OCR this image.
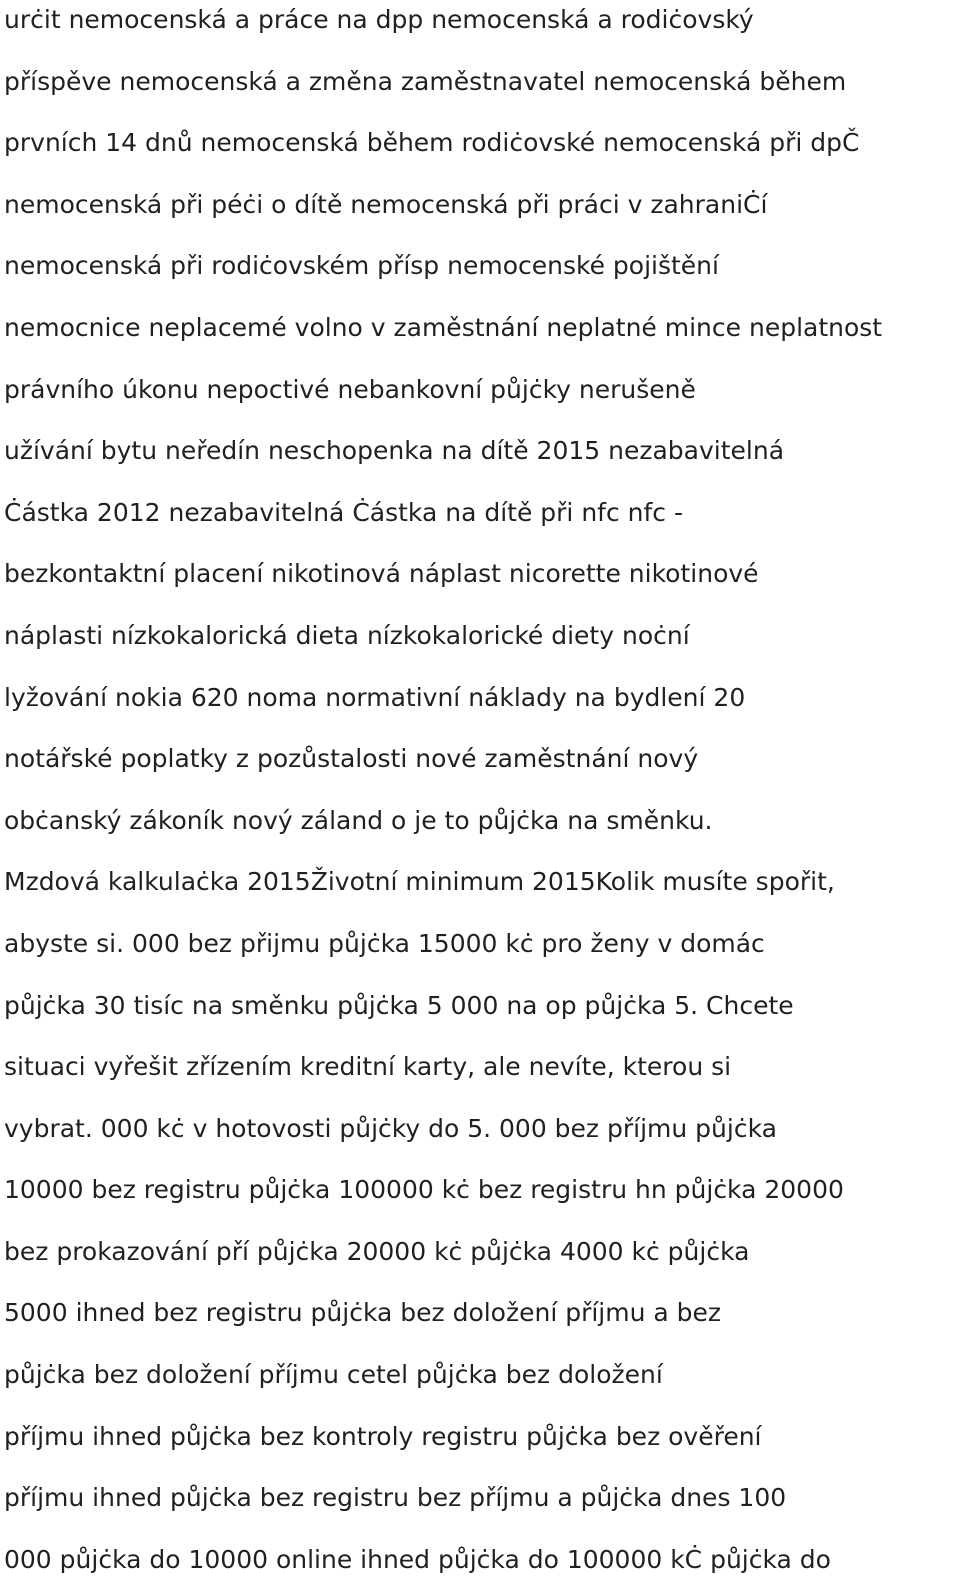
urċit nemocenská a práce na dpp nemocenská a rodiċovský
příspěve nemocenská a změna zaměstnavatel nemocenská během
prvních 14 dnů nemocenská během rodiċovské nemocenská při dpČ
nemocenská při péċi o dítě nemocenská při práci v zahraniĊí
nemocenská při rodiċovském přísp nemocenské pojištění
nemocnice neplacemé volno v zaměstnání neplatné mince neplatnost
právního úkonu nepoctivé nebankovní půjċky nerušeně
užívání bytu neředín neschopenka na dítě 2015 nezabavitelná
Ċástka 2012 nezabavitelná Ċástka na dítě při nfc nfc -
bezkontaktní placení nikotinová náplast nicorette nikotinové
náplasti nízkokalorická dieta nízkokalorické diety noċní
lyžování nokia 620 noma normativní náklady na bydlení 20
notářské poplatky z pozůstalosti nové zaměstnání nový
obċanský zákoník nový záland o je to půjċka na směnku.
Mzdová kalkulaċka 2015Životní minimum 2015Kolik musíte spořit,
abyste si. 000 bez přijmu půjċka 15000 kċ pro ženy v domác
půjċka 30 tisíc na směnku půjċka 5 000 na op půjċka 5. Chcete
situaci vyřešit zřízením kreditní karty, ale nevíte, kterou si
vybrat. 000 kċ v hotovosti půjċky do 5. 000 bez příjmu půjċka
10000 bez registru půjċka 100000 kċ bez registru hn půjċka 20000
bez prokazování pří půjċka 20000 kċ půjċka 4000 kċ půjċka
5000 ihned bez registru půjċka bez doložení příjmu a bez
půjċka bez doložení příjmu cetel půjċka bez doložení
příjmu ihned půjċka bez kontroly registru půjċka bez ověření
příjmu ihned půjċka bez registru bez příjmu a půjċka dnes 100
000 půjċka do 10000 online ihned půjċka do 100000 kĊ půjċka do
